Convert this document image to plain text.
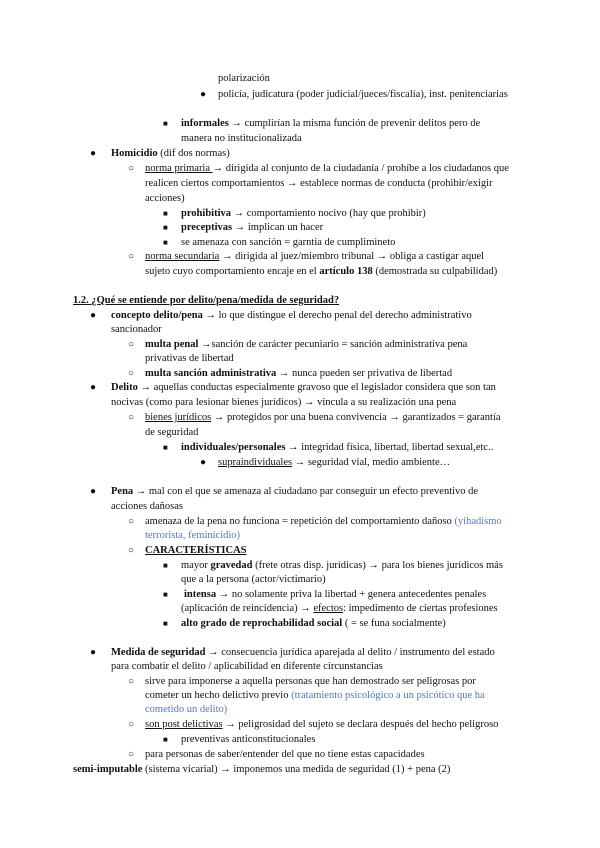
●
■
●
○
■
■
■
○
●
○
○
●
○
■
●
●
○
○
■
■
■
●
○
○
■
○
polarización
policía, judicatura (poder judicial/jueces/fiscalía), inst. penitenciarias
informales → cumplirían la misma función de prevenir delitos pero de
manera no institucionalizada
Homicidio (dif dos normas)
norma primaria → dirigida al conjunto de la ciudadanía / prohíbe a los ciudadanos que
realicen ciertos comportamientos → establece normas de conducta (prohibir/exigir
acciones)
prohibitiva → comportamiento nocivo (hay que prohibir)
preceptivas → implican un hacer
se amenaza con sanción = garntia de cumplimineto
norma secundaria → dirigida al juez/miembro tribunal → obliga a castigar aquel
sujeto cuyo comportamiento encaje en el artículo 138 (demostrada su culpabilidad)
1.2. ¿Qué se entiende por delito/pena/medida de seguridad?
concepto delito/pena → lo que distingue el derecho penal del derecho administrativo
sancionador
multa penal →sanción de carácter pecuniario = sanción administrativa pena
privativas de libertad
multa sanción administrativa → nunca pueden ser privativa de libertad
Delito → aquellas conductas especialmente gravoso que el legislador considera que son tan
nocivas (como para lesionar bienes jurídicos) → vincula a su realización una pena
bienes jurídicos → protegidos por una buena convivencia → garantizados = garantía
de seguridad
individuales/personales → integridad física, libertad, libertad sexual,etc..
supraindividuales → seguridad vial, medio ambiente…
Pena → mal con el que se amenaza al ciudadano par conseguir un efecto preventivo de
acciones dañosas
amenaza de la pena no funciona = repetición del comportamiento dañoso (yihadismo
terrorista, feminicidio)
CARACTERÍSTICAS
mayor gravedad (frete otras disp. jurídicas) → para los bienes jurídicos más
que a la persona (actor/victimario)
intensa → no solamente priva la libertad + genera antecedentes penales
(aplicación de reincidencia) → efectos: impedimento de ciertas profesiones
alto grado de reprochabilidad social ( = se funa socialmente)
Medida de seguridad → consecuencia jurídica aparejada al delito / instrumento del estado
para combatir el delito / aplicabilidad en diferente circunstancias
sirve para imponerse a aquella personas que han demostrado ser peligrosas por
cometer un hecho delictivo previo (tratamiento psicológico a un psicótico que ha
cometido un delito)
son post delictivas → peligrosidad del sujeto se declara después del hecho peligroso
preventivas anticonstitucionales
para personas de saber/entender del que no tiene estas capacidades
semi-imputable (sistema vicarial) → imponemos una medida de seguridad (1) + pena (2)
